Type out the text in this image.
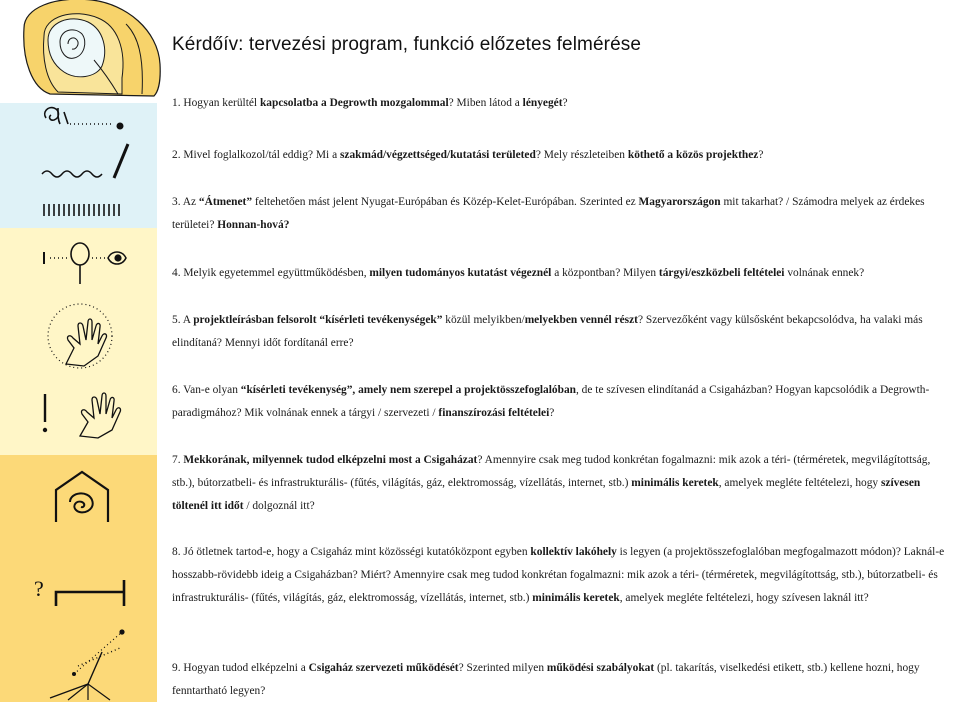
?
Kérdőív: tervezési program, funkció előzetes felmérése

1. Hogyan kerültél kapcsolatba a Degrowth mozgalommal? Miben látod a lényegét?

2. Mivel foglalkozol/tál eddig? Mi a szakmád/végzettséged/kutatási területed? Mely részleteiben köthető a közös projekthez?

3. Az “Átmenet” feltehetően mást jelent Nyugat-Európában és Közép-Kelet-Európában. Szerinted ez Magyarországon mit takarhat? / Számodra melyek az érdekes területei? Honnan-hová?

4. Melyik egyetemmel együttműködésben, milyen tudományos kutatást végeznél a központban? Milyen tárgyi/eszközbeli feltételei volnának ennek?

5. A projektleírásban felsorolt “kísérleti tevékenységek” közül melyikben/melyekben vennél részt? Szervezőként vagy külsősként bekapcsolódva, ha valaki más elindítaná? Mennyi időt fordítanál erre?

6. Van-e olyan “kísérleti tevékenység”, amely nem szerepel a projektösszefoglalóban, de te szívesen elindítanád a Csigaházban? Hogyan kapcsolódik a Degrowth-paradigmához? Mik volnának ennek a tárgyi / szervezeti / finanszírozási feltételei?

7. Mekkorának, milyennek tudod elképzelni most a Csigaházat? Amennyire csak meg tudod konkrétan fogalmazni: mik azok a téri- (térméretek, megvilágítottság, stb.), bútorzatbeli- és infrastrukturális- (fűtés, világítás, gáz, elektromosság, vízellátás, internet, stb.) minimális keretek, amelyek megléte feltételezi, hogy szívesen töltenél itt időt / dolgoznál itt?

8. Jó ötletnek tartod-e, hogy a Csigaház mint közösségi kutatóközpont egyben kollektív lakóhely is legyen (a projektösszefoglalóban megfogalmazott módon)? Laknál-e hosszabb-rövidebb ideig a Csigaházban? Miért? Amennyire csak meg tudod konkrétan fogalmazni: mik azok a téri- (térméretek, megvilágítottság, stb.), bútorzatbeli- és infrastrukturális- (fűtés, világítás, gáz, elektromosság, vízellátás, internet, stb.) minimális keretek, amelyek megléte feltételezi, hogy szívesen laknál itt?

9. Hogyan tudod elképzelni a Csigaház szervezeti működését? Szerinted milyen működési szabályokat (pl. takarítás, viselkedési etikett, stb.) kellene hozni, hogy fenntartható legyen?
